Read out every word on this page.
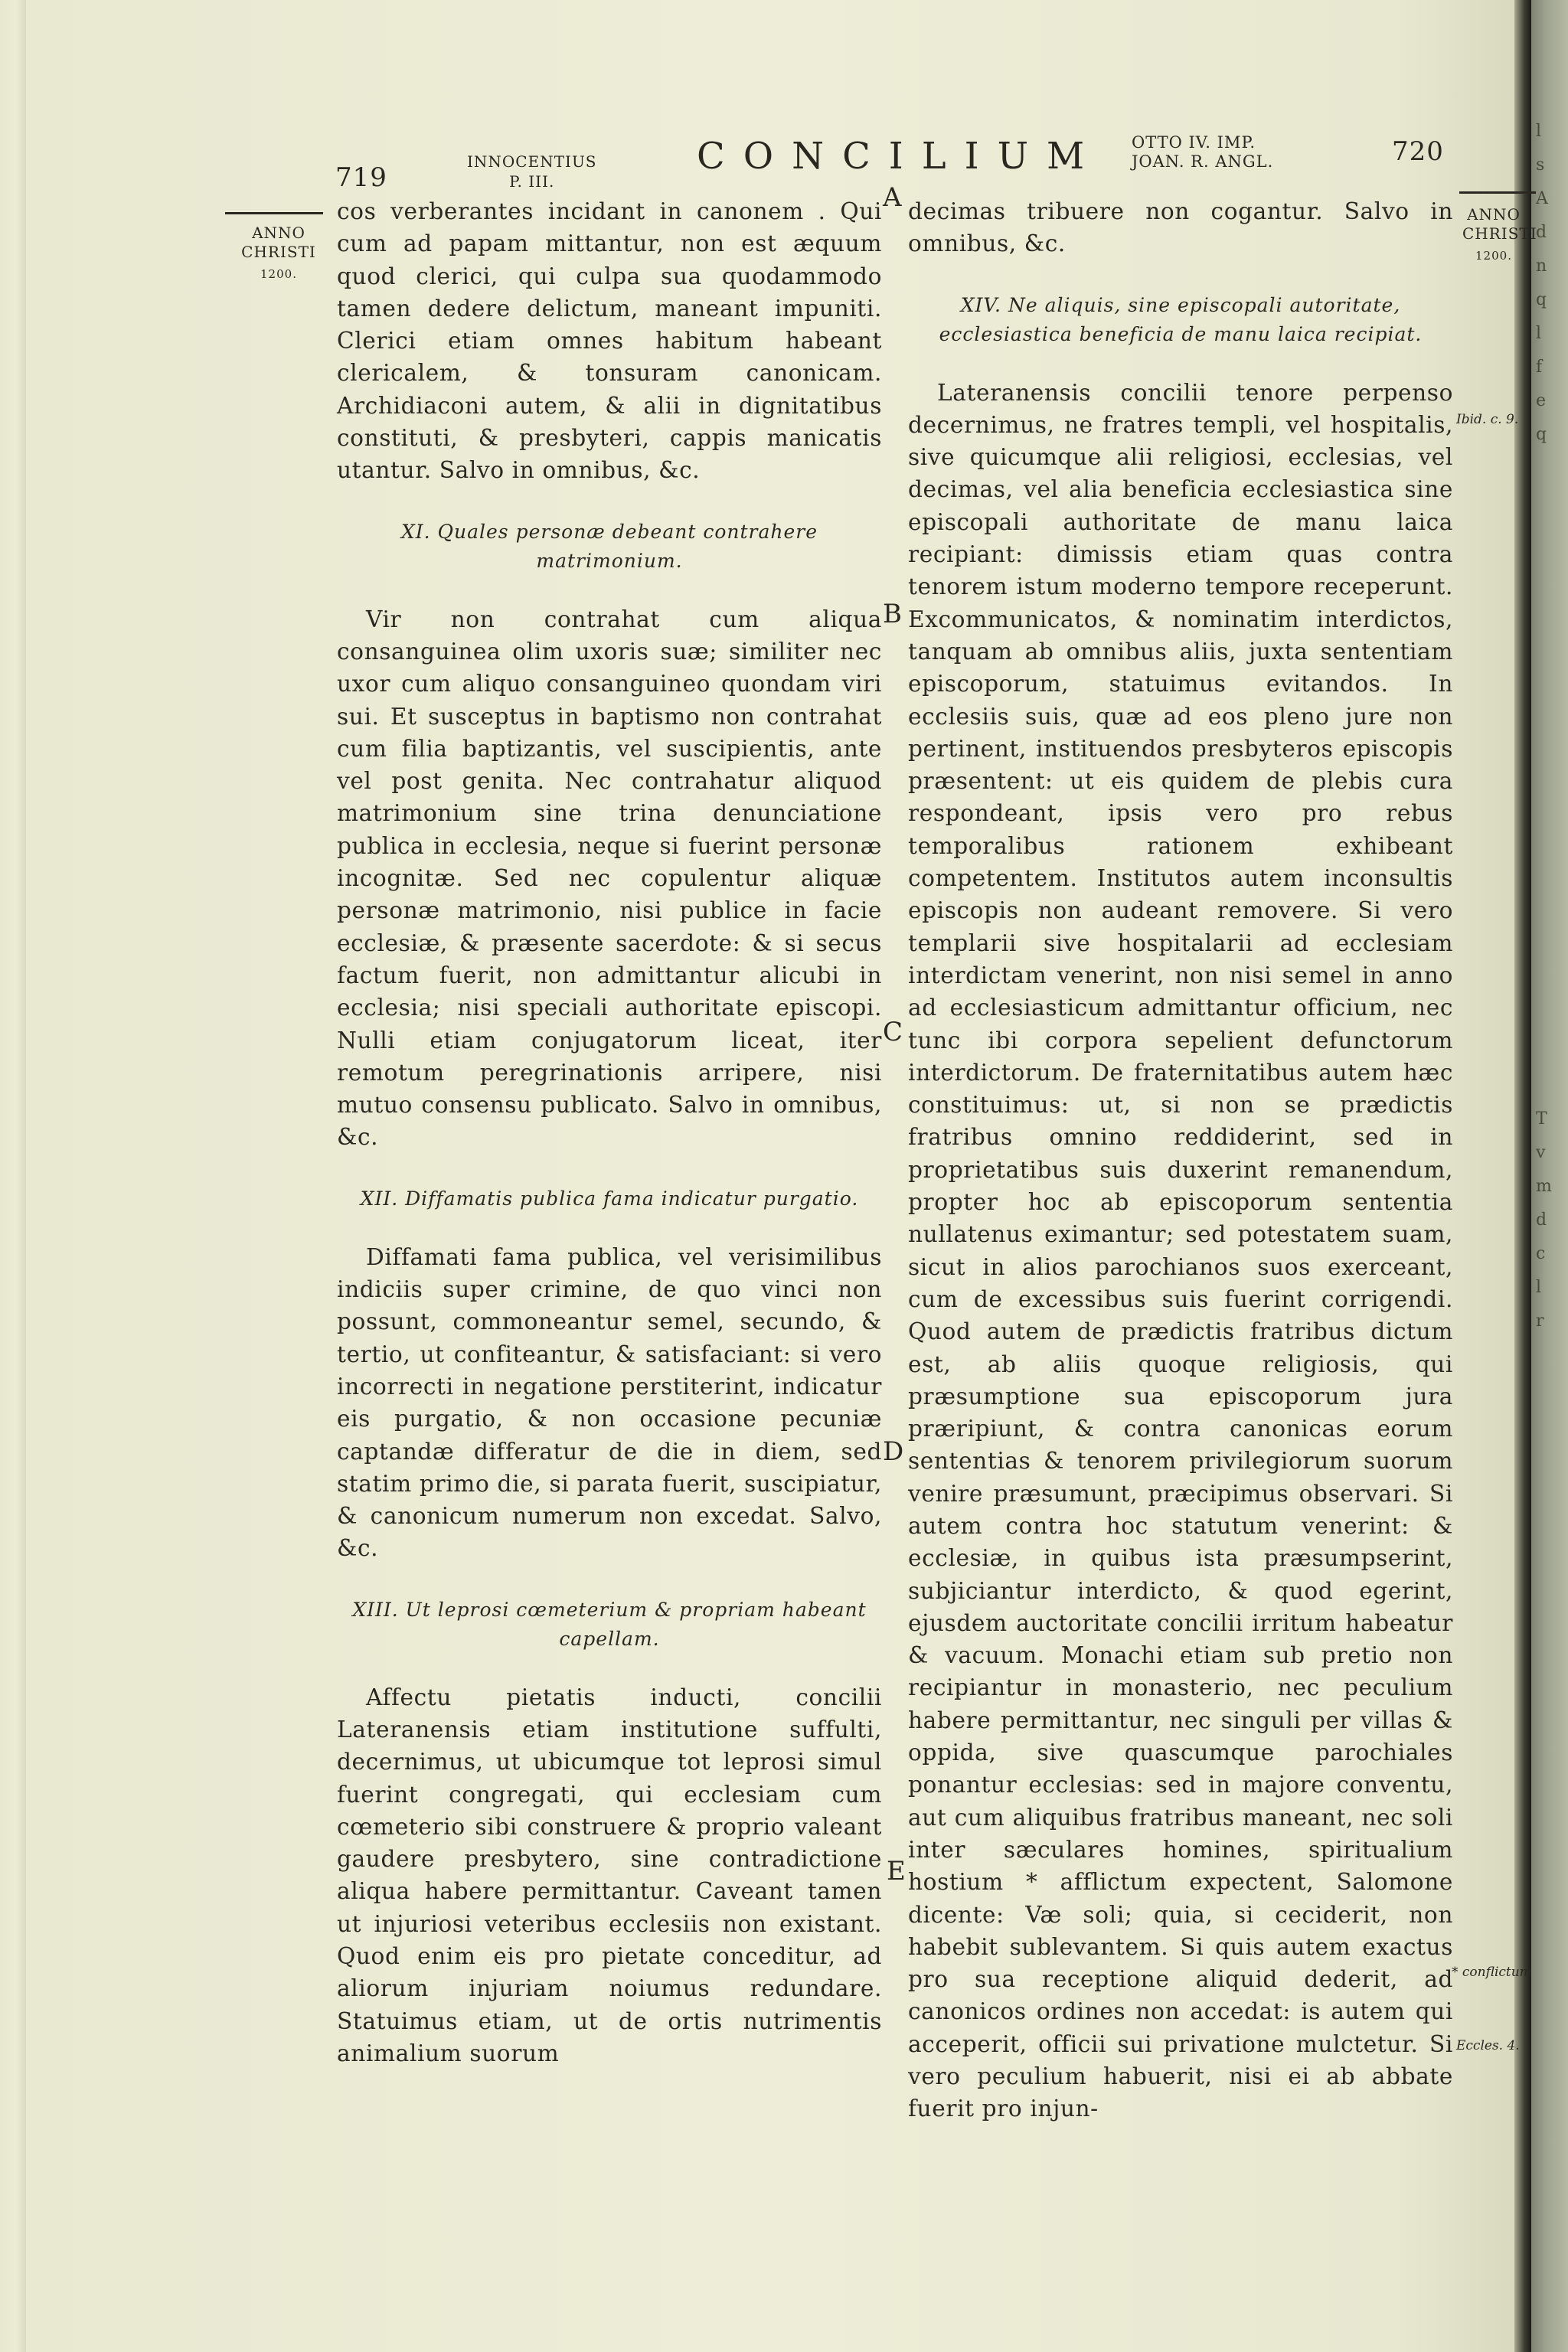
l
s
A
d
n
q
l
f
e
q
T
v
m
d
c
l
r
719
INNOCENTIUS
P. III.
CONCILIUM OTTO IV. IMP.
JOAN. R. ANGL.	720
ANNO
CHRISTI
1200.
ANNO
CHRISTI
1200.

cos verberantes incidant in canonem . Qui cum ad papam mittantur, non est æquum quod clerici, qui culpa sua quodammodo tamen dedere delictum, maneant impuniti. Clerici etiam omnes habitum habeant clericalem, & tonsuram canonicam. Archidiaconi autem, & alii in dignitatibus constituti, & presbyteri, cappis manicatis utantur. Salvo in omnibus, &c.

XI. Quales personæ debeant contrahere matrimonium.

Vir non contrahat cum aliqua consanguinea olim uxoris suæ; similiter nec uxor cum aliquo consanguineo quondam viri sui. Et susceptus in baptismo non contrahat cum filia baptizantis, vel suscipientis, ante vel post genita. Nec contrahatur aliquod matrimonium sine trina denunciatione publica in ecclesia, neque si fuerint personæ incognitæ. Sed nec copulentur aliquæ personæ matrimonio, nisi publice in facie ecclesiæ, & præsente sacerdote: & si secus factum fuerit, non admittantur alicubi in ecclesia; nisi speciali authoritate episcopi. Nulli etiam conjugatorum liceat, iter remotum peregrinationis arripere, nisi mutuo consensu publicato. Salvo in omnibus, &c.

XII. Diffamatis publica fama indicatur purgatio.

Diffamati fama publica, vel verisimilibus indiciis super crimine, de quo vinci non possunt, commoneantur semel, secundo, & tertio, ut confiteantur, & satisfaciant: si vero incorrecti in negatione perstiterint, indicatur eis purgatio, & non occasione pecuniæ captandæ differatur de die in diem, sed statim primo die, si parata fuerit, suscipiatur, & canonicum numerum non excedat. Salvo, &c.

XIII. Ut leprosi cœmeterium & propriam habeant capellam.

Affectu pietatis inducti, concilii Lateranensis etiam institutione suffulti, decernimus, ut ubicumque tot leprosi simul fuerint congregati, qui ecclesiam cum cœmeterio sibi construere & proprio valeant gaudere presbytero, sine contradictione aliqua habere permittantur. Caveant tamen ut injuriosi veteribus ecclesiis non existant. Quod enim eis pro pietate conceditur, ad aliorum injuriam noiumus redundare. Statuimus etiam, ut de ortis nutrimentis animalium suorum

decimas tribuere non cogantur. Salvo in omnibus, &c.

XIV. Ne aliquis, sine episcopali autoritate, ecclesiastica beneficia de manu laica recipiat.

Lateranensis concilii tenore perpenso decernimus, ne fratres templi, vel hospitalis, sive quicumque alii religiosi, ecclesias, vel decimas, vel alia beneficia ecclesiastica sine episcopali authoritate de manu laica recipiant: dimissis etiam quas contra tenorem istum moderno tempore receperunt. Excommunicatos, & nominatim interdictos, tanquam ab omnibus aliis, juxta sententiam episcoporum, statuimus evitandos. In ecclesiis suis, quæ ad eos pleno jure non pertinent, instituendos presbyteros episcopis præsentent: ut eis quidem de plebis cura respondeant, ipsis vero pro rebus temporalibus rationem exhibeant competentem. Institutos autem inconsultis episcopis non audeant removere. Si vero templarii sive hospitalarii ad ecclesiam interdictam venerint, non nisi semel in anno ad ecclesiasticum admittantur officium, nec tunc ibi corpora sepelient defunctorum interdictorum. De fraternitatibus autem hæc constituimus: ut, si non se prædictis fratribus omnino reddiderint, sed in proprietatibus suis duxerint remanendum, propter hoc ab episcoporum sententia nullatenus eximantur; sed potestatem suam, sicut in alios parochianos suos exerceant, cum de excessibus suis fuerint corrigendi. Quod autem de prædictis fratribus dictum est, ab aliis quoque religiosis, qui præsumptione sua episcoporum jura præripiunt, & contra canonicas eorum sententias & tenorem privilegiorum suorum venire præsumunt, præcipimus observari. Si autem contra hoc statutum venerint: & ecclesiæ, in quibus ista præsumpserint, subjiciantur interdicto, & quod egerint, ejusdem auctoritate concilii irritum habeatur & vacuum. Monachi etiam sub pretio non recipiantur in monasterio, nec peculium habere permittantur, nec singuli per villas & oppida, sive quascumque parochiales ponantur ecclesias: sed in majore conventu, aut cum aliquibus fratribus maneant, nec soli inter sæculares homines, spiritualium hostium * afflictum expectent, Salomone dicente: Væ soli; quia, si ceciderit, non habebit sublevantem. Si quis autem exactus pro sua receptione aliquid dederit, ad canonicos ordines non accedat: is autem qui acceperit, officii sui privatione mulctetur. Si vero peculium habuerit, nisi ei ab abbate fuerit pro injun-

A
B
C
D
E
Ibid. c. 9.
* conflictum
Eccles. 4.
